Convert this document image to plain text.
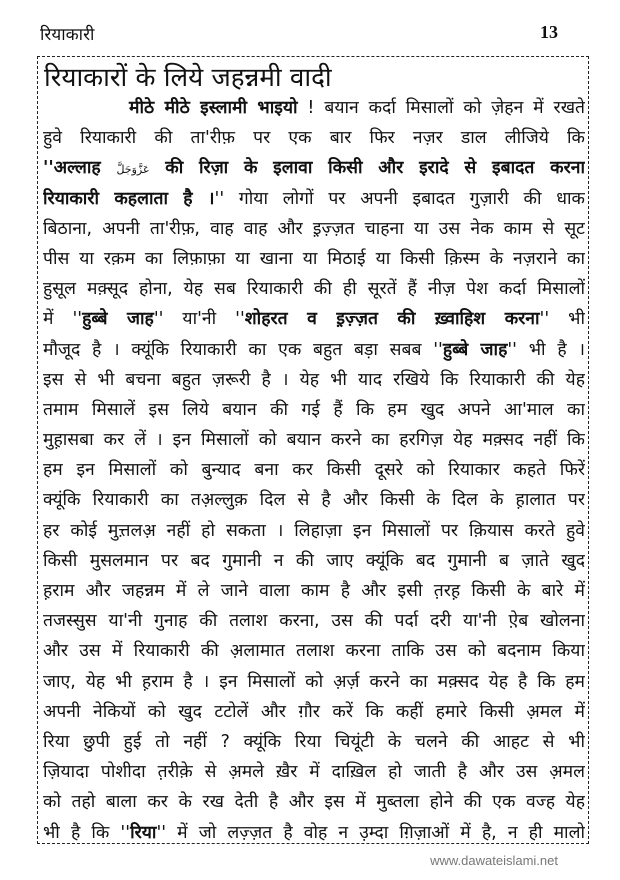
रियाकारी	13
रियाकारों के लिये जहन्नमी वादी
मीठे मीठे इस्लामी भाइयो ! बयान कर्दा मिसालों को ज़ेहन में रखते
हुवे रियाकारी की ता'रीफ़ पर एक बार फिर नज़र डाल लीजिये कि
''अल्लाह عَزَّوَجَلَّ की रिज़ा के इलावा किसी और इरादे से इबादत करना
रियाकारी कहलाता है ।'' गोया लोगों पर अपनी इबादत गुज़ारी की धाक
बिठाना, अपनी ता'रीफ़, वाह वाह और इ़ज़्ज़त चाहना या उस नेक काम से सूट
पीस या रक़म का लिफ़ाफ़ा या खाना या मिठाई या किसी क़िस्म के नज़राने का
हुसूल मक़्सूद होना, येह सब रियाकारी की ही सूरतें हैं नीज़ पेश कर्दा मिसालों
में ''हुब्बे जाह'' या'नी ''शोहरत व इ़ज़्ज़त की ख़्वाहिश करना'' भी
मौजूद है । क्यूंकि रियाकारी का एक बहुत बड़ा सबब ''हुब्बे जाह'' भी है ।
इस से भी बचना बहुत ज़रूरी है । येह भी याद रखिये कि रियाकारी की येह
तमाम मिसालें इस लिये बयान की गई हैं कि हम खुद अपने आ'माल का
मुह़ासबा कर लें । इन मिसालों को बयान करने का हरगिज़ येह मक़्सद नहीं कि
हम इन मिसालों को बुन्याद बना कर किसी दूसरे को रियाकार कहते फिरें
क्यूंकि रियाकारी का तअ़ल्लुक़ दिल से है और किसी के दिल के ह़ालात पर
हर कोई मुत्त़लअ़ नहीं हो सकता । लिहाज़ा इन मिसालों पर क़ियास करते हुवे
किसी मुसलमान पर बद गुमानी न की जाए क्यूंकि बद गुमानी ब ज़ाते खुद
ह़राम और जहन्नम में ले जाने वाला काम है और इसी त़रह़ किसी के बारे में
तजस्सुस या'नी गुनाह की तलाश करना, उस की पर्दा दरी या'नी ऐ़ब खोलना
और उस में रियाकारी की अ़लामात तलाश करना ताकि उस को बदनाम किया
जाए, येह भी ह़राम है । इन मिसालों को अ़र्ज़ करने का मक़्सद येह है कि हम
अपनी नेकियों को खुद टटोलें और ग़ौर करें कि कहीं हमारे किसी अ़मल में
रिया छुपी हुई तो नहीं ? क्यूंकि रिया चियूंटी के चलने की आहट से भी
ज़ियादा पोशीदा त़रीक़े से अ़मले ख़ैर में दाख़िल हो जाती है और उस अ़मल
को तहो बाला कर के रख देती है और इस में मुब्तला होने की एक वज्ह येह
भी है कि ''रिया'' में जो लज़्ज़त है वोह न उ़म्दा ग़िज़ाओं में है, न ही मालो
www.dawateislami.net
